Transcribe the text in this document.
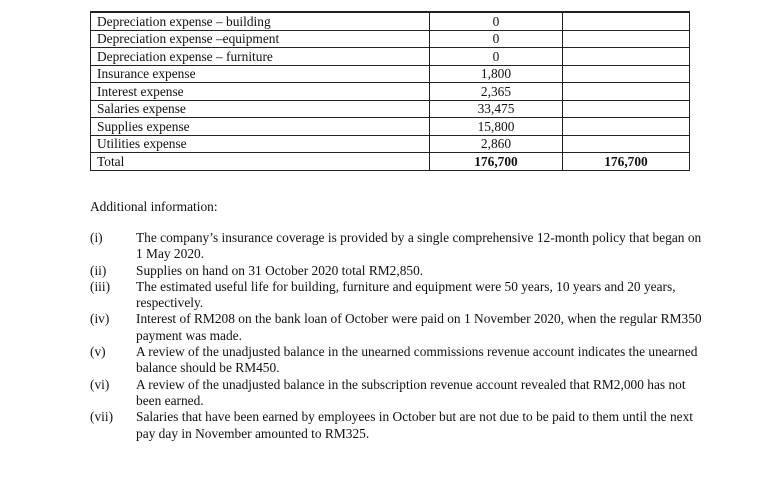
Depreciation expense – building	0	
Depreciation expense –equipment	0	
Depreciation expense – furniture	0	
Insurance expense	1,800	
Interest expense	2,365	
Salaries expense	33,475	
Supplies expense	15,800	
Utilities expense	2,860	
Total	176,700	176,700
Additional information:
(i)	The company’s insurance coverage is provided by a single comprehensive 12-month policy that began on 1 May 2020.
(ii)	Supplies on hand on 31 October 2020 total RM2,850.
(iii)	The estimated useful life for building, furniture and equipment were 50 years, 10 years and 20 years, respectively.
(iv)	Interest of RM208 on the bank loan of October were paid on 1 November 2020, when the regular RM350 payment was made.
(v)	A review of the unadjusted balance in the unearned commissions revenue account indicates the unearned balance should be RM450.
(vi)	A review of the unadjusted balance in the subscription revenue account revealed that RM2,000 has not been earned.
(vii)	Salaries that have been earned by employees in October but are not due to be paid to them until the next pay day in November amounted to RM325.
